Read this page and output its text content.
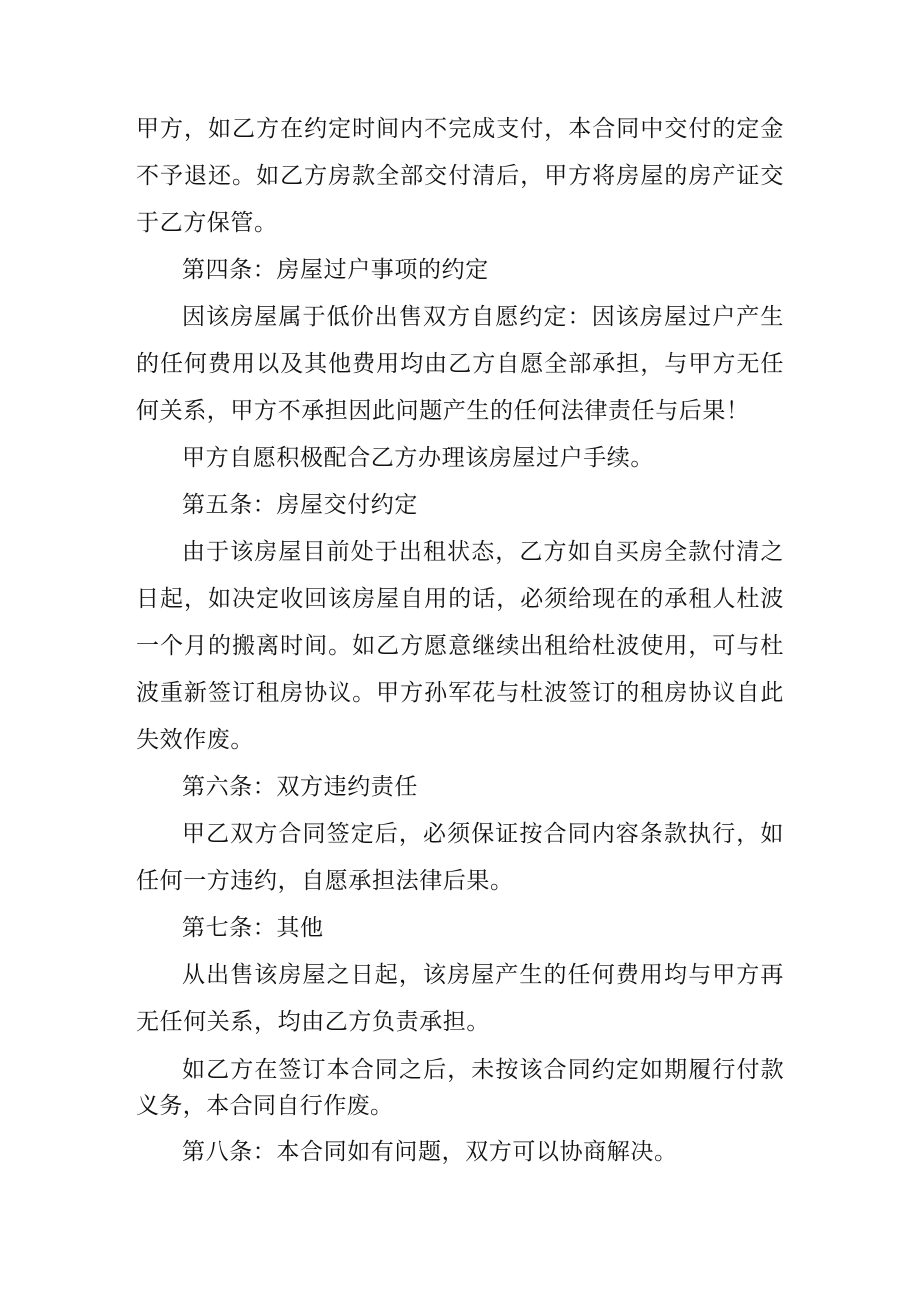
甲方，如乙方在约定时间内不完成支付，本合同中交付的定金不予退还。如乙方房款全部交付清后，甲方将房屋的房产证交于乙方保管。

第四条：房屋过户事项的约定

因该房屋属于低价出售双方自愿约定：因该房屋过户产生的任何费用以及其他费用均由乙方自愿全部承担，与甲方无任何关系，甲方不承担因此问题产生的任何法律责任与后果！

甲方自愿积极配合乙方办理该房屋过户手续。

第五条：房屋交付约定

由于该房屋目前处于出租状态，乙方如自买房全款付清之日起，如决定收回该房屋自用的话，必须给现在的承租人杜波一个月的搬离时间。如乙方愿意继续出租给杜波使用，可与杜波重新签订租房协议。甲方孙军花与杜波签订的租房协议自此失效作废。

第六条：双方违约责任

甲乙双方合同签定后，必须保证按合同内容条款执行，如任何一方违约，自愿承担法律后果。

第七条：其他

从出售该房屋之日起，该房屋产生的任何费用均与甲方再无任何关系，均由乙方负责承担。

如乙方在签订本合同之后，未按该合同约定如期履行付款义务，本合同自行作废。

第八条：本合同如有问题，双方可以协商解决。
